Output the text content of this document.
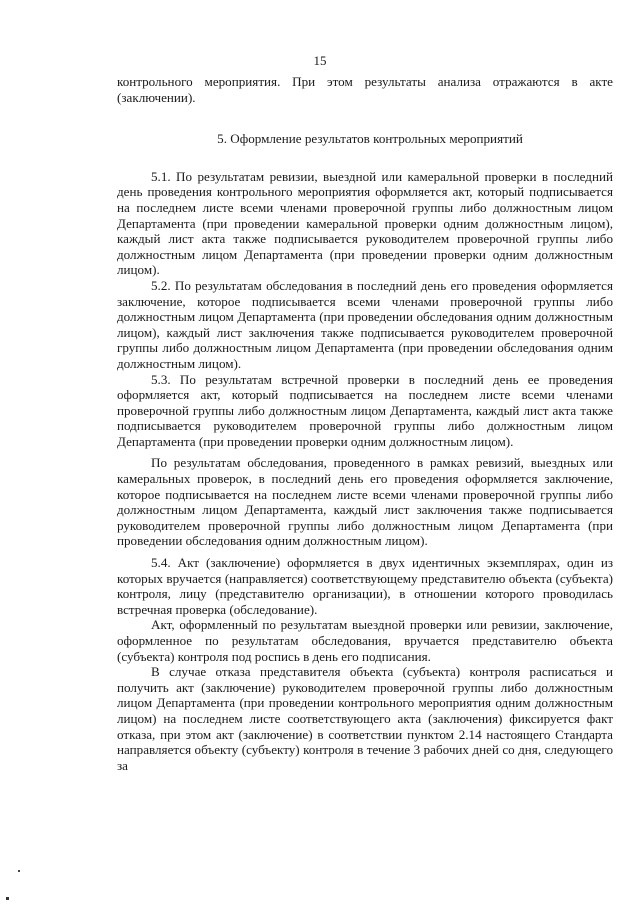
15

контрольного мероприятия. При этом результаты анализа отражаются в акте (заключении).

5. Оформление результатов контрольных мероприятий

5.1. По результатам ревизии, выездной или камеральной проверки в последний день проведения контрольного мероприятия оформляется акт, который подписывается на последнем листе всеми членами проверочной группы либо должностным лицом Департамента (при проведении камеральной проверки одним должностным лицом), каждый лист акта также подписывается руководителем проверочной группы либо должностным лицом Департамента (при проведении проверки одним должностным лицом).

5.2. По результатам обследования в последний день его проведения оформляется заключение, которое подписывается всеми членами проверочной группы либо должностным лицом Департамента (при проведении обследования одним должностным лицом), каждый лист заключения также подписывается руководителем проверочной группы либо должностным лицом Департамента (при проведении обследования одним должностным лицом).

5.3. По результатам встречной проверки в последний день ее проведения оформляется акт, который подписывается на последнем листе всеми членами проверочной группы либо должностным лицом Департамента, каждый лист акта также подписывается руководителем проверочной группы либо должностным лицом Департамента (при проведении проверки одним должностным лицом).

По результатам обследования, проведенного в рамках ревизий, выездных или камеральных проверок, в последний день его проведения оформляется заключение, которое подписывается на последнем листе всеми членами проверочной группы либо должностным лицом Департамента, каждый лист заключения также подписывается руководителем проверочной группы либо должностным лицом Департамента (при проведении обследования одним должностным лицом).

5.4. Акт (заключение) оформляется в двух идентичных экземплярах, один из которых вручается (направляется) соответствующему представителю объекта (субъекта) контроля, лицу (представителю организации), в отношении которого проводилась встречная проверка (обследование).

Акт, оформленный по результатам выездной проверки или ревизии, заключение, оформленное по результатам обследования, вручается представителю объекта (субъекта) контроля под роспись в день его подписания.

В случае отказа представителя объекта (субъекта) контроля расписаться и получить акт (заключение) руководителем проверочной группы либо должностным лицом Департамента (при проведении контрольного мероприятия одним должностным лицом) на последнем листе соответствующего акта (заключения) фиксируется факт отказа, при этом акт (заключение) в соответствии пунктом 2.14 настоящего Стандарта направляется объекту (субъекту) контроля в течение 3 рабочих дней со дня, следующего за
